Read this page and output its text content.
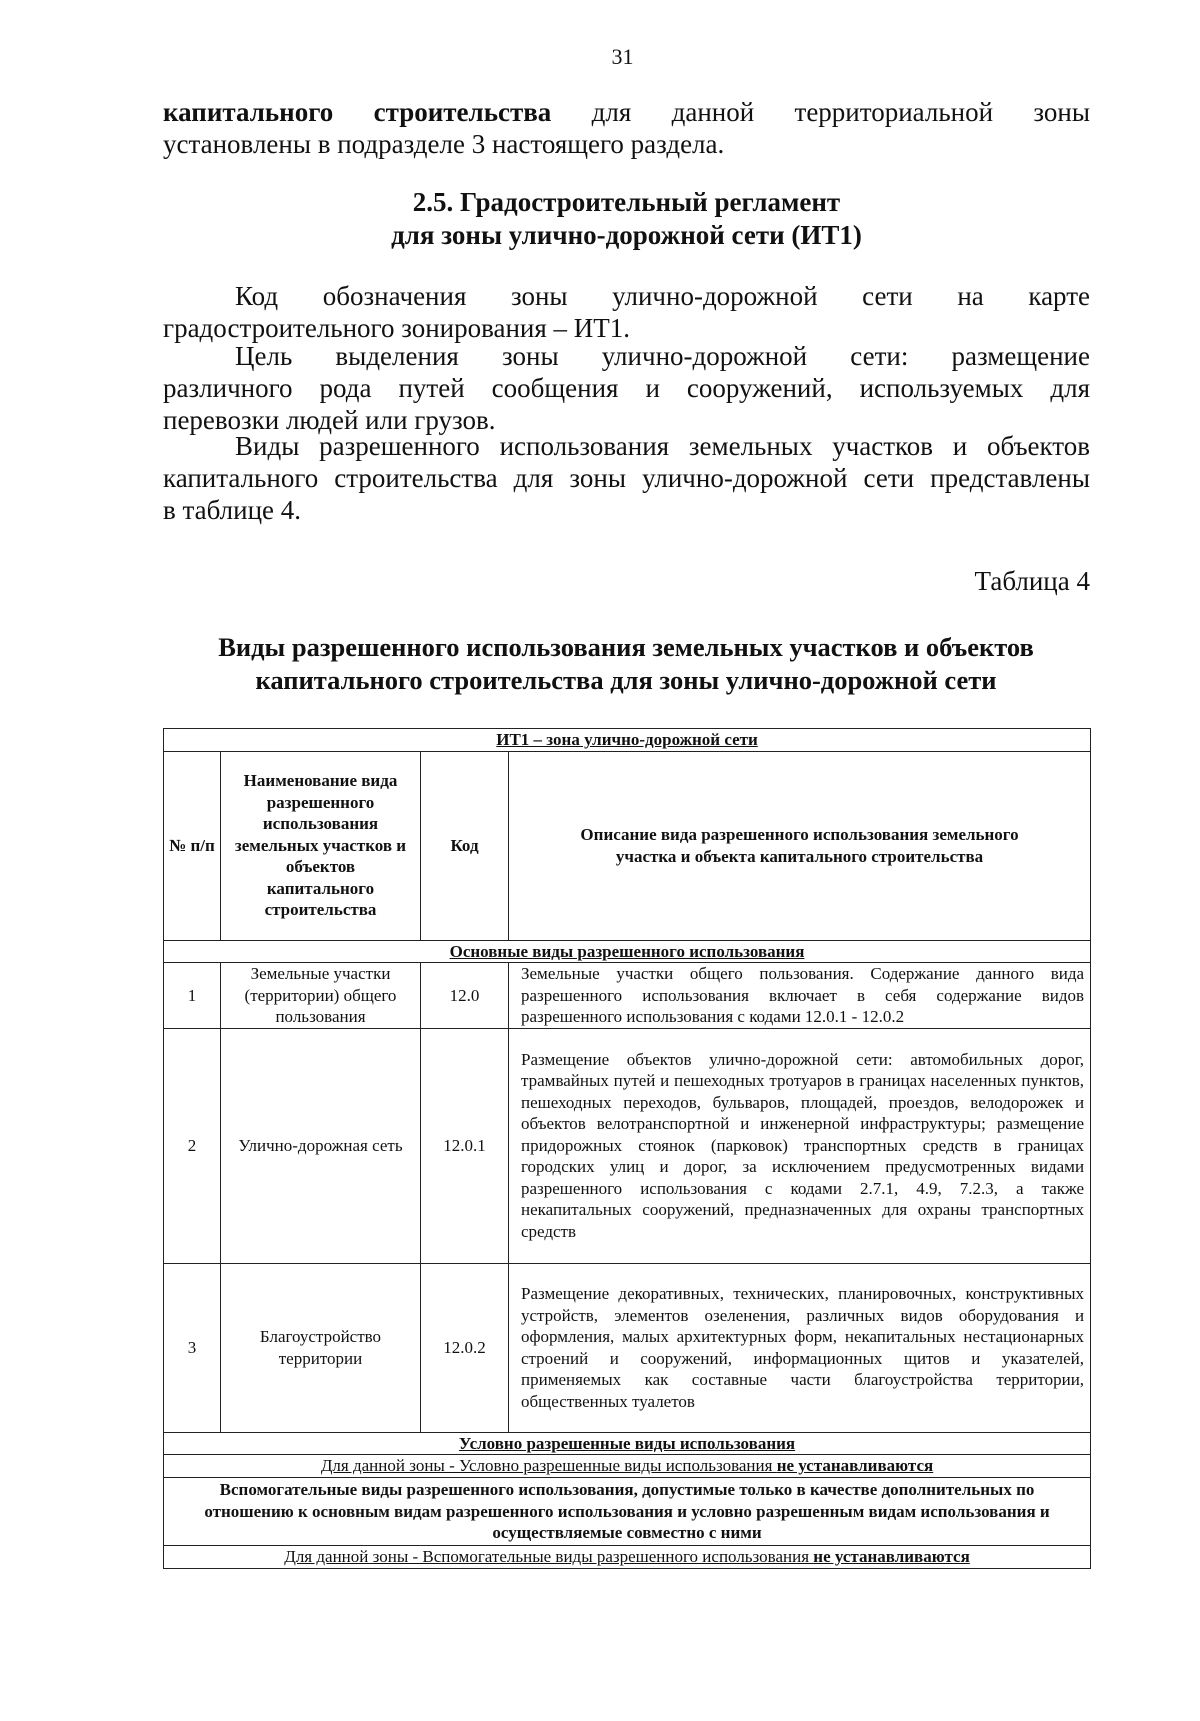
31
капитального строительства для данной территориальной зоны
установлены в подразделе 3 настоящего раздела.
2.5. Градостроительный регламент
для зоны улично-дорожной сети (ИТ1)
Код обозначения зоны улично-дорожной сети на карте
градостроительного зонирования – ИТ1.
Цель выделения зоны улично-дорожной сети: размещение
различного рода путей сообщения и сооружений, используемых для
перевозки людей или грузов.
Виды разрешенного использования земельных участков и объектов
капитального строительства для зоны улично-дорожной сети представлены
в таблице 4.
Таблица 4
Виды разрешенного использования земельных участков и объектов
капитального строительства для зоны улично-дорожной сети
ИТ1 – зона улично-дорожной сети			
№ п/п	Наименование вида разрешенного использования земельных участков и объектов капитального строительства	Код	Описание вида разрешенного использования земельного участка и объекта капитального строительства
Основные виды разрешенного использования			
1	Земельные участки (территории) общего пользования	12.0	Земельные участки общего пользования. Содержание данного вида разрешенного использования включает в себя содержание видов разрешенного использования с кодами 12.0.1 - 12.0.2
2	Улично-дорожная сеть	12.0.1	Размещение объектов улично-дорожной сети: автомобильных дорог, трамвайных путей и пешеходных тротуаров в границах населенных пунктов, пешеходных переходов, бульваров, площадей, проездов, велодорожек и объектов велотранспортной и инженерной инфраструктуры; размещение придорожных стоянок (парковок) транспортных средств в границах городских улиц и дорог, за исключением предусмотренных видами разрешенного использования с кодами 2.7.1, 4.9, 7.2.3, а также некапитальных сооружений, предназначенных для охраны транспортных средств
3	Благоустройство территории	12.0.2	Размещение декоративных, технических, планировочных, конструктивных устройств, элементов озеленения, различных видов оборудования и оформления, малых архитектурных форм, некапитальных нестационарных строений и сооружений, информационных щитов и указателей, применяемых как составные части благоустройства территории, общественных туалетов
Условно разрешенные виды использования			
Для данной зоны - Условно разрешенные виды использования не устанавливаются			
Вспомогательные виды разрешенного использования, допустимые только в качестве дополнительных по отношению к основным видам разрешенного использования и условно разрешенным видам использования и осуществляемые совместно с ними			
Для данной зоны - Вспомогательные виды разрешенного использования не устанавливаются			
